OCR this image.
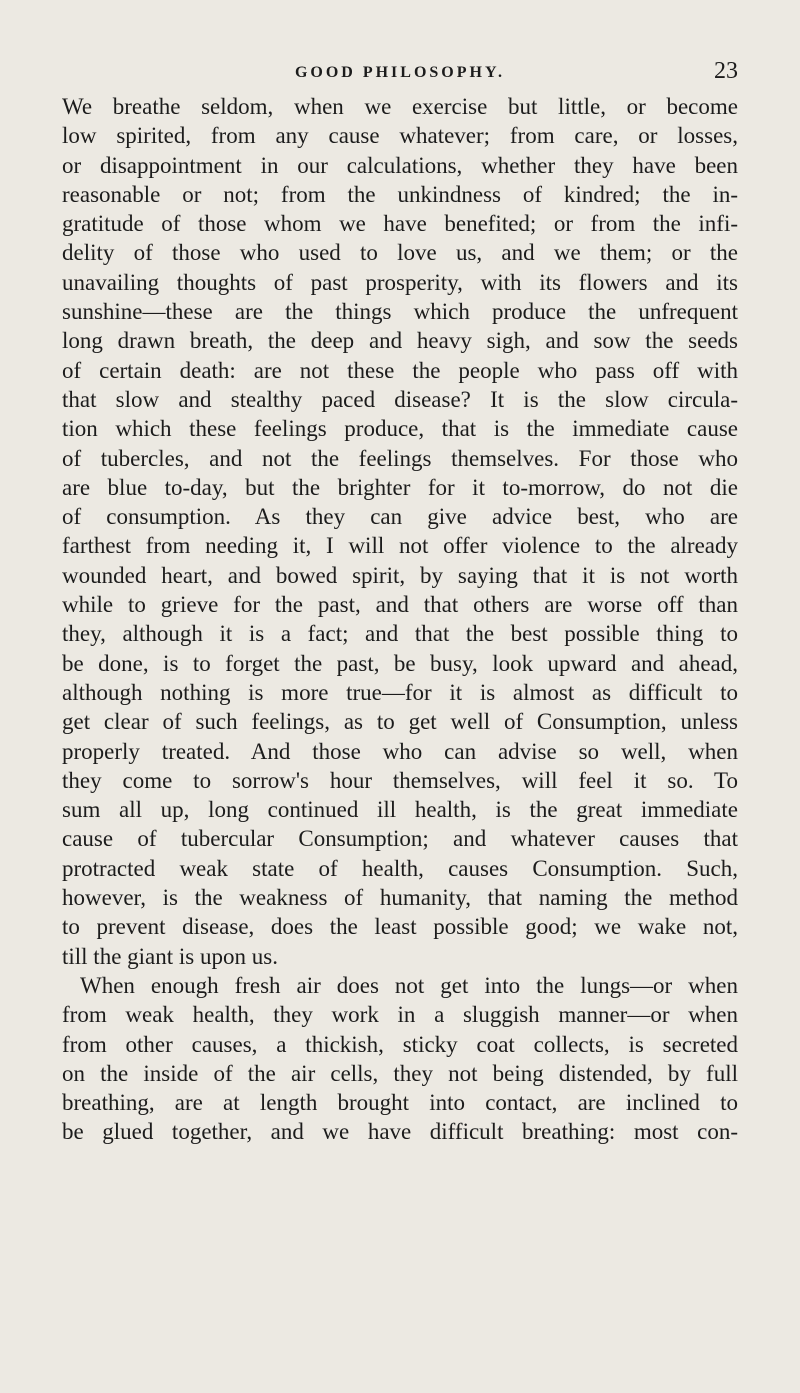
GOOD PHILOSOPHY.	23
We breathe seldom, when we exercise but little, or become
low spirited, from any cause whatever; from care, or losses,
or disappointment in our calculations, whether they have been
reasonable or not; from the unkindness of kindred; the in-
gratitude of those whom we have benefited; or from the infi-
delity of those who used to love us, and we them; or the
unavailing thoughts of past prosperity, with its flowers and its
sunshine—these are the things which produce the unfrequent
long drawn breath, the deep and heavy sigh, and sow the seeds
of certain death: are not these the people who pass off with
that slow and stealthy paced disease? It is the slow circula-
tion which these feelings produce, that is the immediate cause
of tubercles, and not the feelings themselves. For those who
are blue to-day, but the brighter for it to-morrow, do not die
of consumption. As they can give advice best, who are
farthest from needing it, I will not offer violence to the already
wounded heart, and bowed spirit, by saying that it is not worth
while to grieve for the past, and that others are worse off than
they, although it is a fact; and that the best possible thing to
be done, is to forget the past, be busy, look upward and ahead,
although nothing is more true—for it is almost as difficult to
get clear of such feelings, as to get well of Consumption, unless
properly treated. And those who can advise so well, when
they come to sorrow's hour themselves, will feel it so. To
sum all up, long continued ill health, is the great immediate
cause of tubercular Consumption; and whatever causes that
protracted weak state of health, causes Consumption. Such,
however, is the weakness of humanity, that naming the method
to prevent disease, does the least possible good; we wake not,
till the giant is upon us.
When enough fresh air does not get into the lungs—or when
from weak health, they work in a sluggish manner—or when
from other causes, a thickish, sticky coat collects, is secreted
on the inside of the air cells, they not being distended, by full
breathing, are at length brought into contact, are inclined to
be glued together, and we have difficult breathing: most con-
